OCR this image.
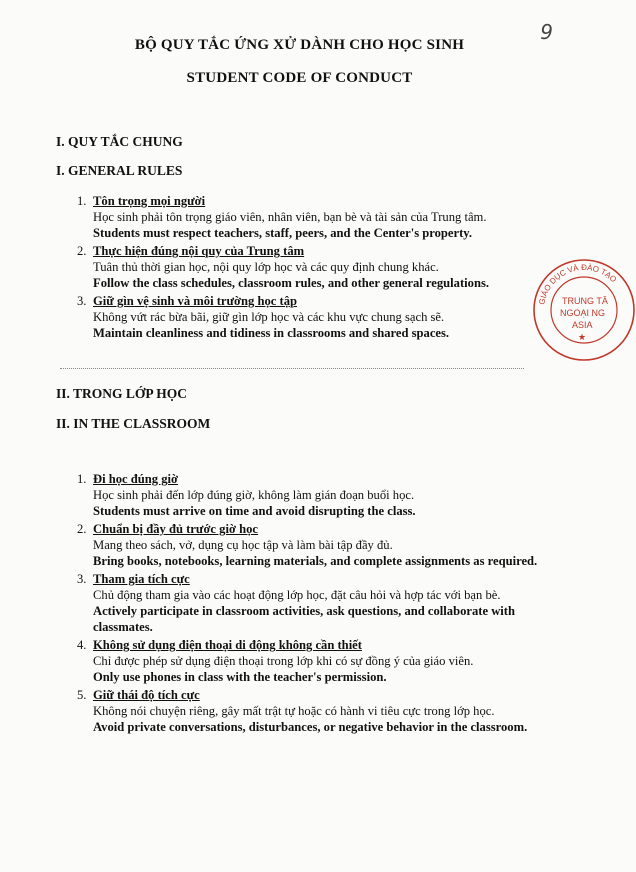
9
BỘ QUY TẮC ỨNG XỬ DÀNH CHO HỌC SINH
STUDENT CODE OF CONDUCT
I. QUY TẮC CHUNG
I. GENERAL RULES
1. Tôn trọng mọi người
Học sinh phải tôn trọng giáo viên, nhân viên, bạn bè và tài sản của Trung tâm.
Students must respect teachers, staff, peers, and the Center's property.
2. Thực hiện đúng nội quy của Trung tâm
Tuân thủ thời gian học, nội quy lớp học và các quy định chung khác.
Follow the class schedules, classroom rules, and other general regulations.
3. Giữ gìn vệ sinh và môi trường học tập
Không vứt rác bừa bãi, giữ gìn lớp học và các khu vực chung sạch sẽ.
Maintain cleanliness and tidiness in classrooms and shared spaces.
II. TRONG LỚP HỌC
II. IN THE CLASSROOM
1. Đi học đúng giờ
Học sinh phải đến lớp đúng giờ, không làm gián đoạn buổi học.
Students must arrive on time and avoid disrupting the class.
2. Chuẩn bị đầy đủ trước giờ học
Mang theo sách, vở, dụng cụ học tập và làm bài tập đầy đủ.
Bring books, notebooks, learning materials, and complete assignments as required.
3. Tham gia tích cực
Chủ động tham gia vào các hoạt động lớp học, đặt câu hỏi và hợp tác với bạn bè.
Actively participate in classroom activities, ask questions, and collaborate with classmates.
4. Không sử dụng điện thoại di động không cần thiết
Chỉ được phép sử dụng điện thoại trong lớp khi có sự đồng ý của giáo viên.
Only use phones in class with the teacher's permission.
5. Giữ thái độ tích cực
Không nói chuyện riêng, gây mất trật tự hoặc có hành vi tiêu cực trong lớp học.
Avoid private conversations, disturbances, or negative behavior in the classroom.
GIÁO DỤC VÀ ĐÀO TẠO
TRUNG TÂ
NGOẠI NG
ASIA
★
